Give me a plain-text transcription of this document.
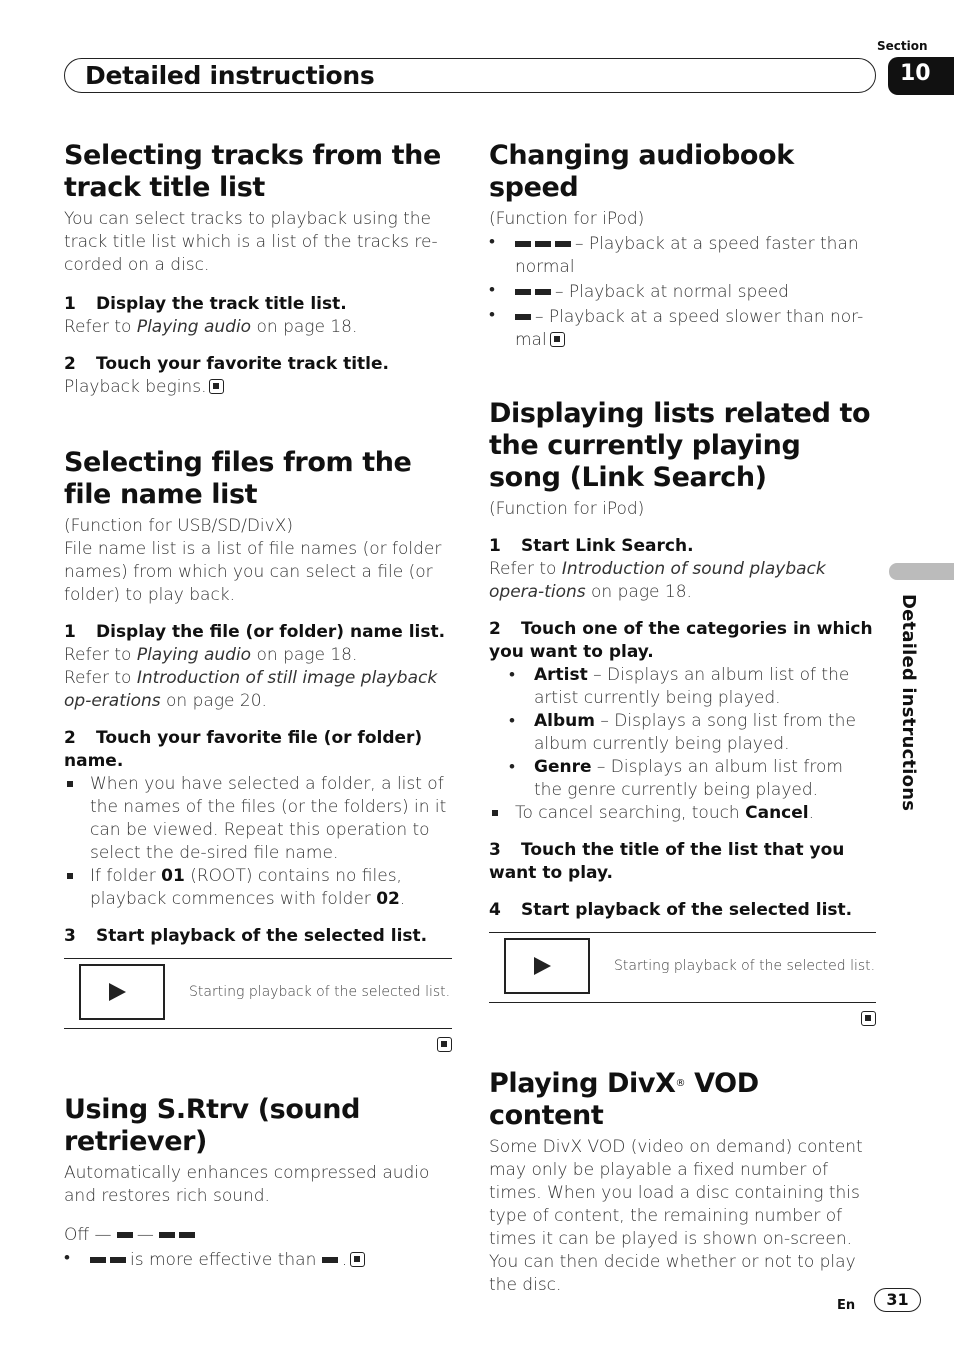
Section
10
Detailed instructions
Detailed instructions
Selecting tracks from the track title list

You can select tracks to playback using the track title list which is a list of the tracks re-corded on a disc.

1 Display the track title list.

Refer to Playing audio on page 18.

2 Touch your favorite track title.

Playback begins.

Selecting files from the file name list

(Function for USB/SD/DivX)

File name list is a list of file names (or folder names) from which you can select a file (or folder) to play back.

1 Display the file (or folder) name list.

Refer to Playing audio on page 18.

Refer to Introduction of still image playback op-erations on page 20.

2 Touch your favorite file (or folder) name.

When you have selected a folder, a list of the names of the files (or the folders) in it can be viewed. Repeat this operation to select the de-sired file name.

If folder 01 (ROOT) contains no files, playback commences with folder 02.

3 Start playback of the selected list.
Starting playback of the selected list.
Using S.Rtrv (sound retriever)

Automatically enhances compressed audio and restores rich sound.

Off — —

• is more effective than .

Changing audiobook speed

(Function for iPod)

• – Playback at a speed faster than normal

• – Playback at normal speed

• – Playback at a speed slower than nor-mal

Displaying lists related to the currently playing song (Link Search)

(Function for iPod)

1 Start Link Search.

Refer to Introduction of sound playback opera-tions on page 18.

2 Touch one of the categories in which you want to play.

• Artist – Displays an album list of the artist currently being played.

• Album – Displays a song list from the album currently being played.

• Genre – Displays an album list from the genre currently being played.

To cancel searching, touch Cancel.

3 Touch the title of the list that you want to play.
4 Start playback of the selected list.
Starting playback of the selected list.
Playing DivX® VOD content

Some DivX VOD (video on demand) content may only be playable a fixed number of times. When you load a disc containing this type of content, the remaining number of times it can be played is shown on-screen. You can then decide whether or not to play the disc.

En	31
